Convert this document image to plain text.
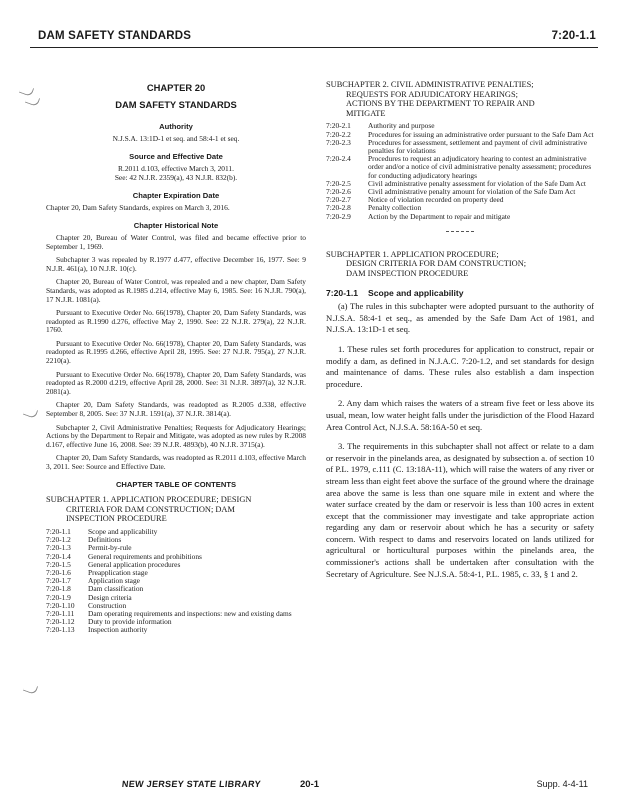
DAM SAFETY STANDARDS	7:20-1.1
CHAPTER 20
DAM SAFETY STANDARDS
Authority
N.J.S.A. 13:1D-1 et seq. and 58:4-1 et seq.
Source and Effective Date
R.2011 d.103, effective March 3, 2011.
See: 42 N.J.R. 2359(a), 43 N.J.R. 832(b).
Chapter Expiration Date

Chapter 20, Dam Safety Standards, expires on March 3, 2016.

Chapter Historical Note

Chapter 20, Bureau of Water Control, was filed and became effective prior to September 1, 1969.

Subchapter 3 was repealed by R.1977 d.477, effective December 16, 1977. See: 9 N.J.R. 461(a), 10 N.J.R. 10(c).

Chapter 20, Bureau of Water Control, was repealed and a new chapter, Dam Safety Standards, was adopted as R.1985 d.214, effective May 6, 1985. See: 16 N.J.R. 790(a), 17 N.J.R. 1081(a).

Pursuant to Executive Order No. 66(1978), Chapter 20, Dam Safety Standards, was readopted as R.1990 d.276, effective May 2, 1990. See: 22 N.J.R. 279(a), 22 N.J.R. 1760.

Pursuant to Executive Order No. 66(1978), Chapter 20, Dam Safety Standards, was readopted as R.1995 d.266, effective April 28, 1995. See: 27 N.J.R. 795(a), 27 N.J.R. 2210(a).

Pursuant to Executive Order No. 66(1978), Chapter 20, Dam Safety Standards, was readopted as R.2000 d.219, effective April 28, 2000. See: 31 N.J.R. 3897(a), 32 N.J.R. 2081(a).

Chapter 20, Dam Safety Standards, was readopted as R.2005 d.338, effective September 8, 2005. See: 37 N.J.R. 1591(a), 37 N.J.R. 3814(a).

Subchapter 2, Civil Administrative Penalties; Requests for Adjudicatory Hearings; Actions by the Department to Repair and Mitigate, was adopted as new rules by R.2008 d.167, effective June 16, 2008. See: 39 N.J.R. 4893(b), 40 N.J.R. 3715(a).

Chapter 20, Dam Safety Standards, was readopted as R.2011 d.103, effective March 3, 2011. See: Source and Effective Date.

CHAPTER TABLE OF CONTENTS
SUBCHAPTER 1. APPLICATION PROCEDURE; DESIGN
CRITERIA FOR DAM CONSTRUCTION; DAM
INSPECTION PROCEDURE
7:20-1.1	Scope and applicability
7:20-1.2	Definitions
7:20-1.3	Permit-by-rule
7:20-1.4	General requirements and prohibitions
7:20-1.5	General application procedures
7:20-1.6	Preapplication stage
7:20-1.7	Application stage
7:20-1.8	Dam classification
7:20-1.9	Design criteria
7:20-1.10	Construction
7:20-1.11	Dam operating requirements and inspections: new and existing dams
7:20-1.12	Duty to provide information
7:20-1.13	Inspection authority
SUBCHAPTER 2. CIVIL ADMINISTRATIVE PENALTIES;
REQUESTS FOR ADJUDICATORY HEARINGS;
ACTIONS BY THE DEPARTMENT TO REPAIR AND
MITIGATE
7:20-2.1	Authority and purpose
7:20-2.2	Procedures for issuing an administrative order pursuant to the Safe Dam Act
7:20-2.3	Procedures for assessment, settlement and payment of civil administrative penalties for violations
7:20-2.4	Procedures to request an adjudicatory hearing to contest an administrative order and/or a notice of civil administrative penalty assessment; procedures for conducting adjudicatory hearings
7:20-2.5	Civil administrative penalty assessment for violation of the Safe Dam Act
7:20-2.6	Civil administrative penalty amount for violation of the Safe Dam Act
7:20-2.7	Notice of violation recorded on property deed
7:20-2.8	Penalty collection
7:20-2.9	Action by the Department to repair and mitigate
SUBCHAPTER 1. APPLICATION PROCEDURE;
DESIGN CRITERIA FOR DAM CONSTRUCTION;
DAM INSPECTION PROCEDURE
7:20-1.1 Scope and applicability

(a) The rules in this subchapter were adopted pursuant to the authority of N.J.S.A. 58:4-1 et seq., as amended by the Safe Dam Act of 1981, and N.J.S.A. 13:1D-1 et seq.

1. These rules set forth procedures for application to construct, repair or modify a dam, as defined in N.J.A.C. 7:20-1.2, and set standards for design and maintenance of dams. These rules also establish a dam inspection procedure.

2. Any dam which raises the waters of a stream five feet or less above its usual, mean, low water height falls under the jurisdiction of the Flood Hazard Area Control Act, N.J.S.A. 58:16A-50 et seq.

3. The requirements in this subchapter shall not affect or relate to a dam or reservoir in the pinelands area, as designated by subsection a. of section 10 of P.L. 1979, c.111 (C. 13:18A-11), which will raise the waters of any river or stream less than eight feet above the surface of the ground where the drainage area above the same is less than one square mile in extent and where the water surface created by the dam or reservoir is less than 100 acres in extent except that the commissioner may investigate and take appropriate action regarding any dam or reservoir about which he has a security or safety concern. With respect to dams and reservoirs located on lands utilized for agricultural or horticultural purposes within the pinelands area, the commissioner's actions shall be undertaken after consultation with the Secretary of Agriculture. See N.J.S.A. 58:4-1, P.L. 1985, c. 33, § 1 and 2.

NEW JERSEY STATE LIBRARY	20-1	Supp. 4-4-11
